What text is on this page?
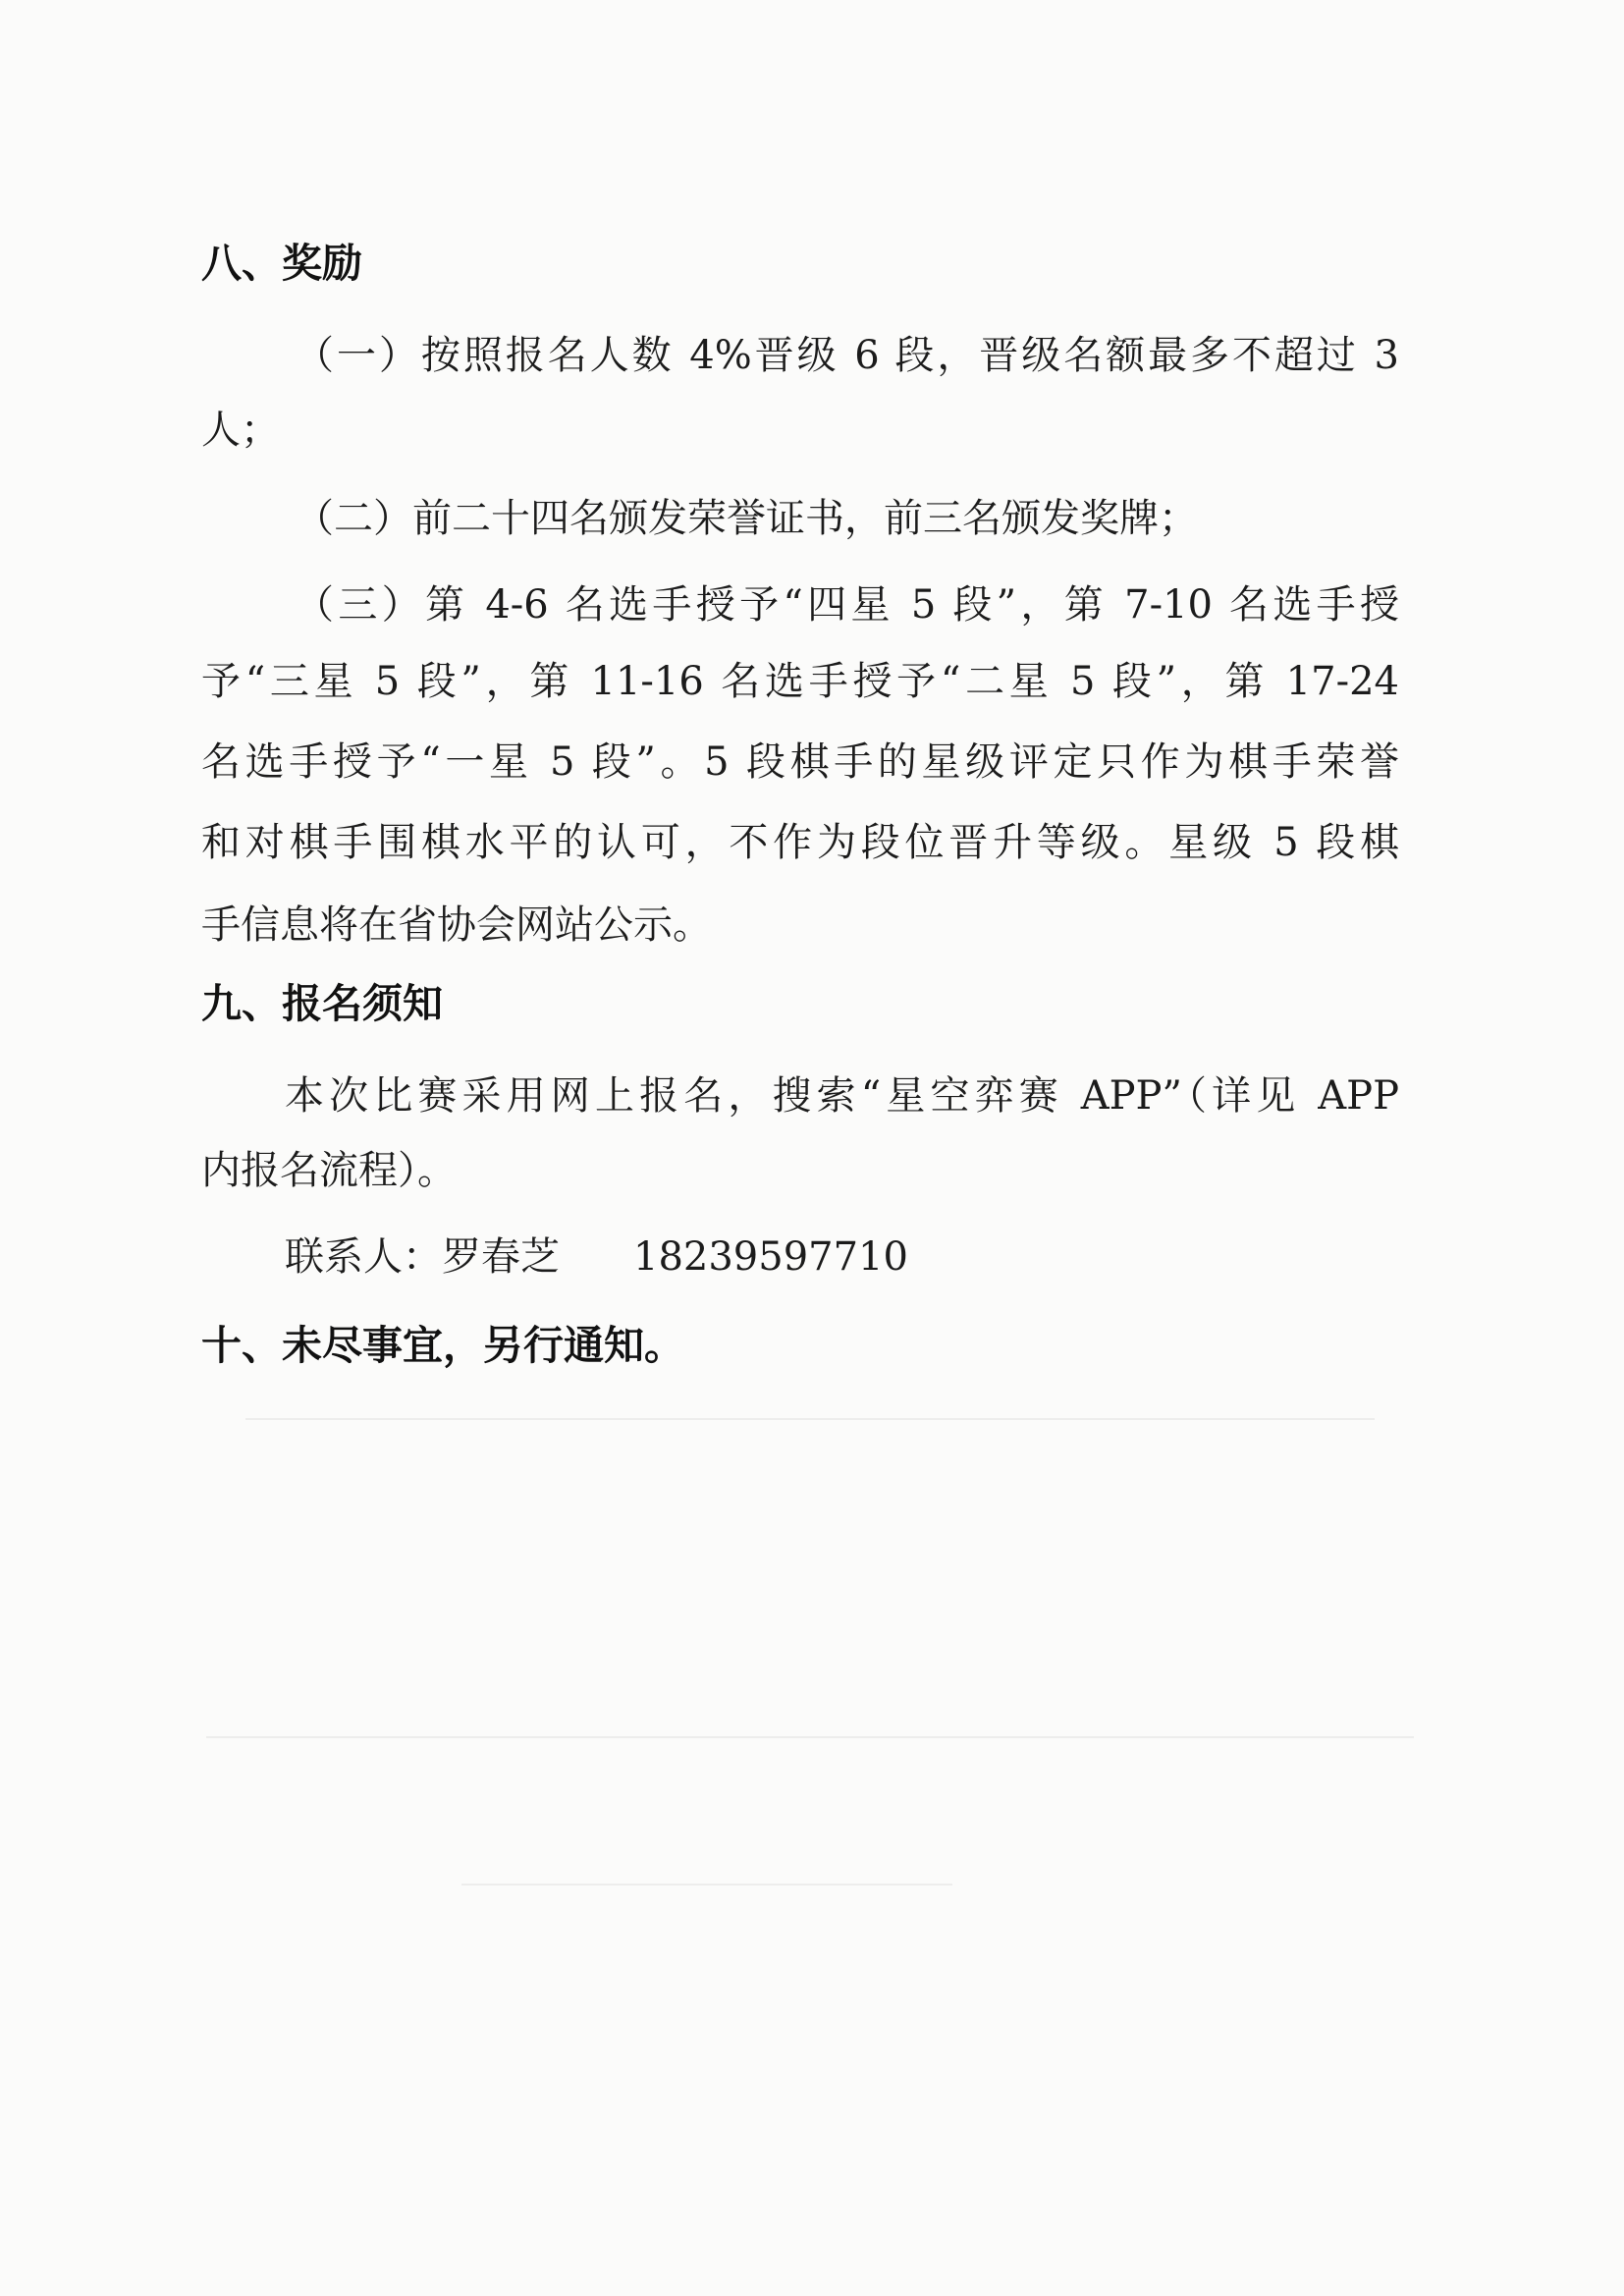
八、奖励
（一）按照报名人数 4%晋级 6 段，晋级名额最多不超过 3
人；
（二）前二十四名颁发荣誉证书，前三名颁发奖牌；
（三）第 4-6 名选手授予“四星 5 段”，第 7-10 名选手授
予“三星 5 段”，第 11-16 名选手授予“二星 5 段”，第 17-24
名选手授予“一星 5 段”。5 段棋手的星级评定只作为棋手荣誉
和对棋手围棋水平的认可，不作为段位晋升等级。星级 5 段棋
手信息将在省协会网站公示。
九、报名须知
本次比赛采用网上报名，搜索“星空弈赛 APP”（详见 APP
内报名流程）。
联系人：罗春芝 18239597710
十、未尽事宜，另行通知。
